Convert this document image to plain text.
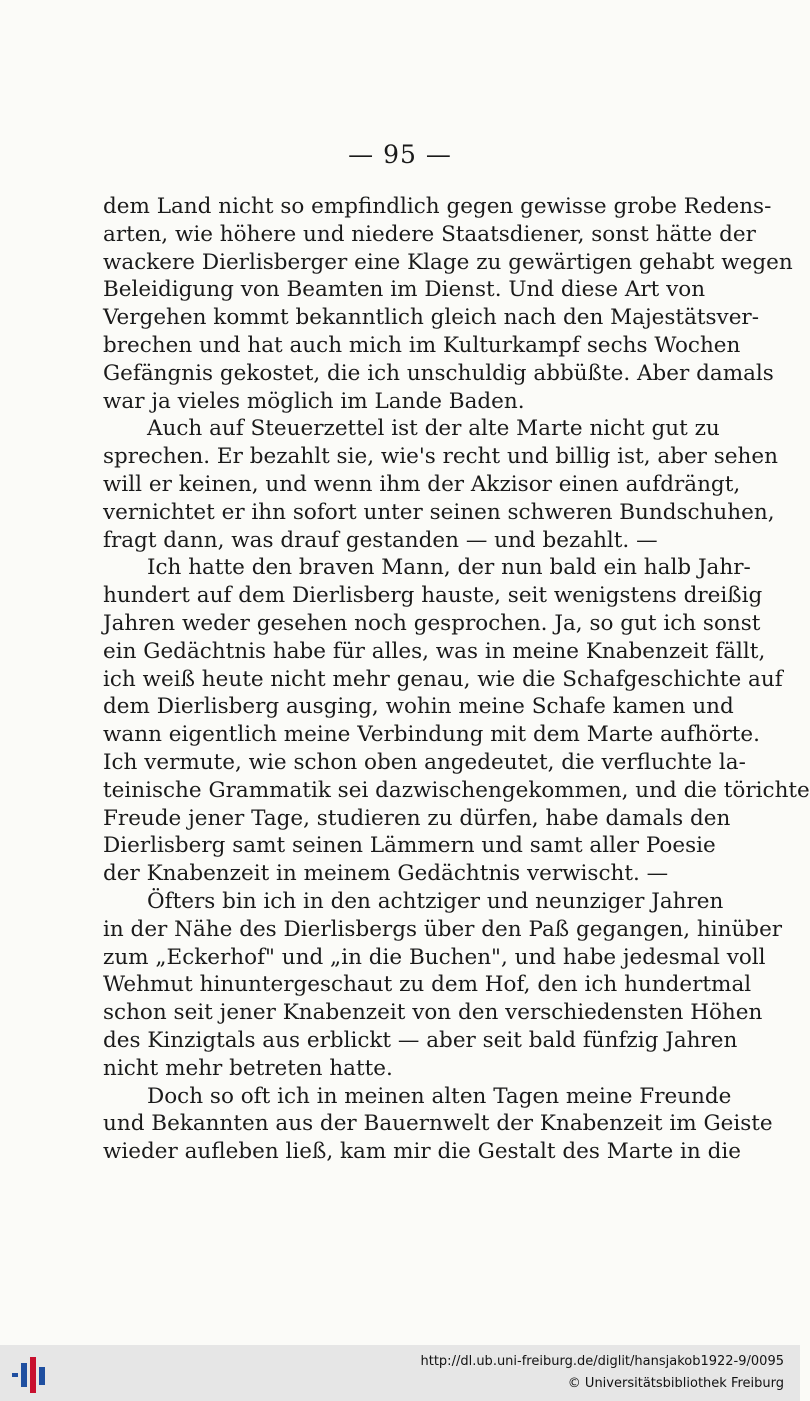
— 95 —
dem Land nicht so empfindlich gegen gewisse grobe Redens-
arten, wie höhere und niedere Staatsdiener, sonst hätte der
wackere Dierlisberger eine Klage zu gewärtigen gehabt wegen
Beleidigung von Beamten im Dienst. Und diese Art von
Vergehen kommt bekanntlich gleich nach den Majestätsver-
brechen und hat auch mich im Kulturkampf sechs Wochen
Gefängnis gekostet, die ich unschuldig abbüßte. Aber damals
war ja vieles möglich im Lande Baden.
Auch auf Steuerzettel ist der alte Marte nicht gut zu
sprechen. Er bezahlt sie, wie's recht und billig ist, aber sehen
will er keinen, und wenn ihm der Akzisor einen aufdrängt,
vernichtet er ihn sofort unter seinen schweren Bundschuhen,
fragt dann, was drauf gestanden — und bezahlt. —
Ich hatte den braven Mann, der nun bald ein halb Jahr-
hundert auf dem Dierlisberg hauste, seit wenigstens dreißig
Jahren weder gesehen noch gesprochen. Ja, so gut ich sonst
ein Gedächtnis habe für alles, was in meine Knabenzeit fällt,
ich weiß heute nicht mehr genau, wie die Schafgeschichte auf
dem Dierlisberg ausging, wohin meine Schafe kamen und
wann eigentlich meine Verbindung mit dem Marte aufhörte.
Ich vermute, wie schon oben angedeutet, die verfluchte la-
teinische Grammatik sei dazwischengekommen, und die törichte
Freude jener Tage, studieren zu dürfen, habe damals den
Dierlisberg samt seinen Lämmern und samt aller Poesie
der Knabenzeit in meinem Gedächtnis verwischt. —
Öfters bin ich in den achtziger und neunziger Jahren
in der Nähe des Dierlisbergs über den Paß gegangen, hinüber
zum „Eckerhof" und „in die Buchen", und habe jedesmal voll
Wehmut hinuntergeschaut zu dem Hof, den ich hundertmal
schon seit jener Knabenzeit von den verschiedensten Höhen
des Kinzigtals aus erblickt — aber seit bald fünfzig Jahren
nicht mehr betreten hatte.
Doch so oft ich in meinen alten Tagen meine Freunde
und Bekannten aus der Bauernwelt der Knabenzeit im Geiste
wieder aufleben ließ, kam mir die Gestalt des Marte in die
http://dl.ub.uni-freiburg.de/diglit/hansjakob1922-9/0095
© Universitätsbibliothek Freiburg
